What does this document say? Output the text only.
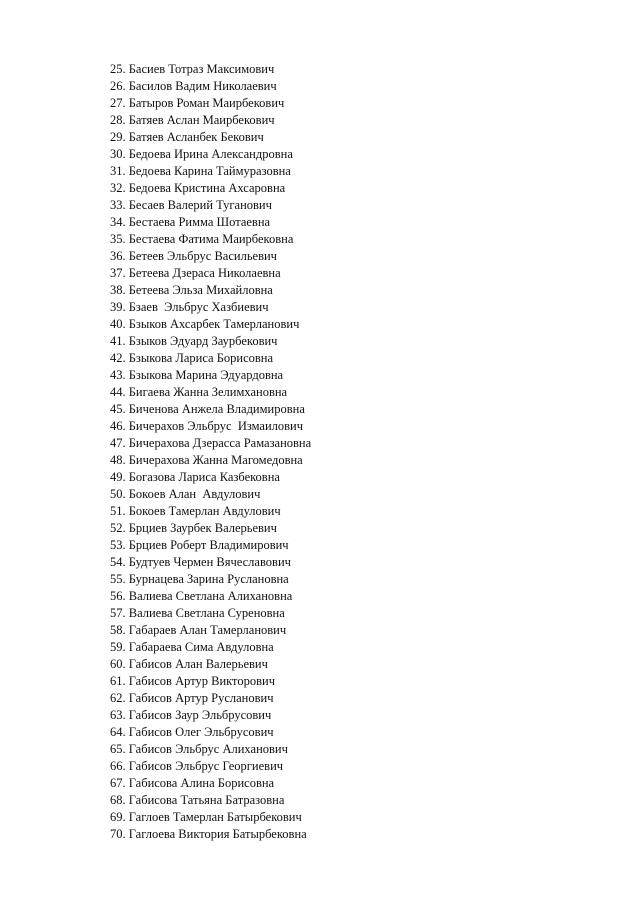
25. Басиев Тотраз Максимович
26. Басилов Вадим Николаевич
27. Батыров Роман Маирбекович
28. Батяев Аслан Маирбекович
29. Батяев Асланбек Бекович
30. Бедоева Ирина Александровна
31. Бедоева Карина Таймуразовна
32. Бедоева Кристина Ахсаровна
33. Бесаев Валерий Туганович
34. Бестаева Римма Шотаевна
35. Бестаева Фатима Маирбековна
36. Бетеев Эльбрус Васильевич
37. Бетеева Дзераса Николаевна
38. Бетеева Эльза Михайловна
39. Бзаев  Эльбрус Хазбиевич
40. Бзыков Ахсарбек Тамерланович
41. Бзыков Эдуард Заурбекович
42. Бзыкова Лариса Борисовна
43. Бзыкова Марина Эдуардовна
44. Бигаева Жанна Зелимхановна
45. Биченова Анжела Владимировна
46. Бичерахов Эльбрус  Измаилович
47. Бичерахова Дзерасса Рамазановна
48. Бичерахова Жанна Магомедовна
49. Богазова Лариса Казбековна
50. Бокоев Алан  Авдулович
51. Бокоев Тамерлан Авдулович
52. Брциев Заурбек Валерьевич
53. Брциев Роберт Владимирович
54. Будтуев Чермен Вячеславович
55. Бурнацева Зарина Руслановна
56. Валиева Светлана Алихановна
57. Валиева Светлана Суреновна
58. Габараев Алан Тамерланович
59. Габараева Сима Авдуловна
60. Габисов Алан Валерьевич
61. Габисов Артур Викторович
62. Габисов Артур Русланович
63. Габисов Заур Эльбрусович
64. Габисов Олег Эльбрусович
65. Габисов Эльбрус Алиханович
66. Габисов Эльбрус Георгиевич
67. Габисова Алина Борисовна
68. Габисова Татьяна Батразовна
69. Гаглоев Тамерлан Батырбекович
70. Гаглоева Виктория Батырбековна
